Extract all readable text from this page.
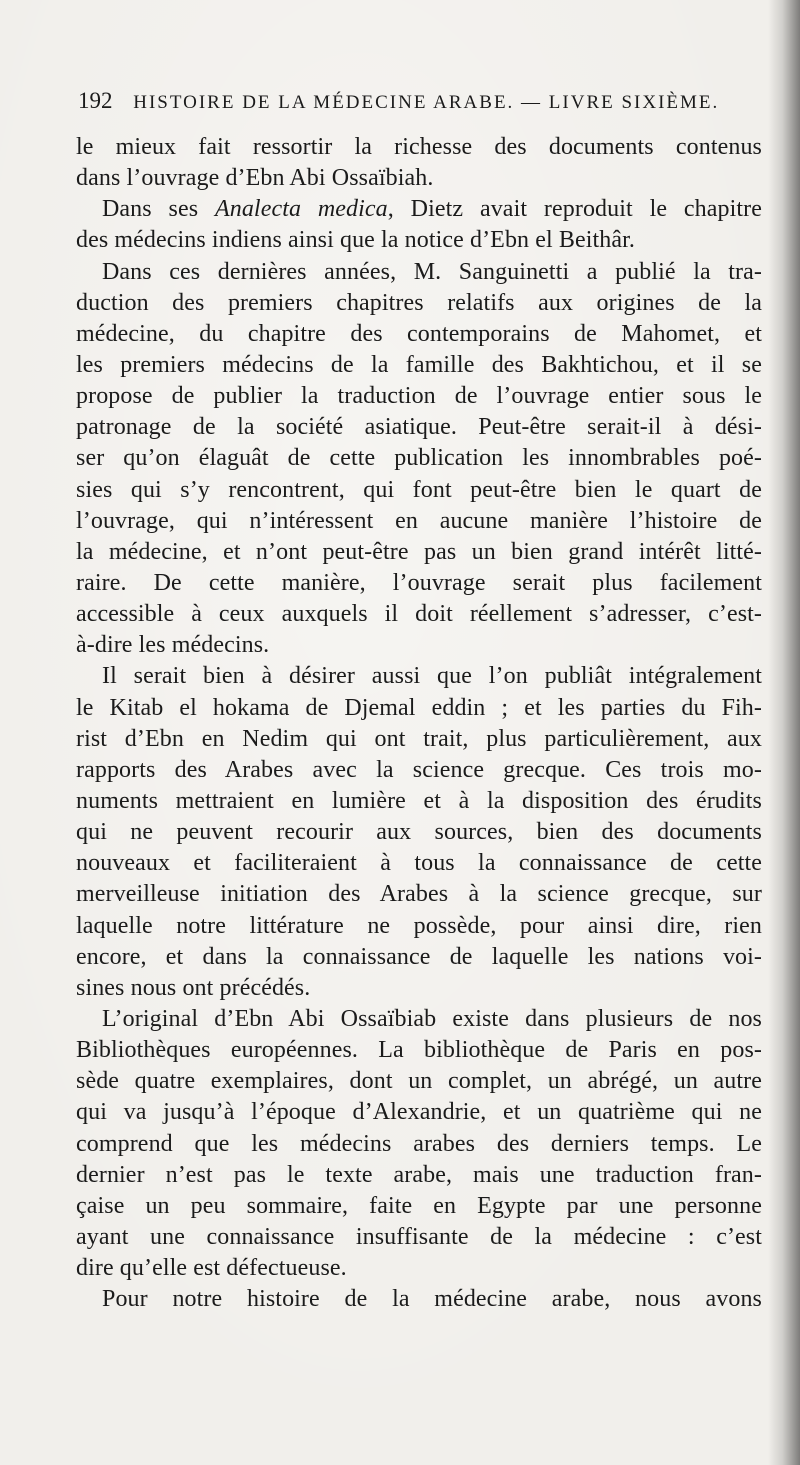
192 HISTOIRE DE LA MÉDECINE ARABE. — LIVRE SIXIÈME.
le mieux fait ressortir la richesse des documents contenus
dans l’ouvrage d’Ebn Abi Ossaïbiah.
Dans ses Analecta medica, Dietz avait reproduit le chapitre
des médecins indiens ainsi que la notice d’Ebn el Beithâr.
Dans ces dernières années, M. Sanguinetti a publié la tra-
duction des premiers chapitres relatifs aux origines de la
médecine, du chapitre des contemporains de Mahomet, et
les premiers médecins de la famille des Bakhtichou, et il se
propose de publier la traduction de l’ouvrage entier sous le
patronage de la société asiatique. Peut-être serait-il à dési-
ser qu’on élaguât de cette publication les innombrables poé-
sies qui s’y rencontrent, qui font peut-être bien le quart de
l’ouvrage, qui n’intéressent en aucune manière l’histoire de
la médecine, et n’ont peut-être pas un bien grand intérêt litté-
raire. De cette manière, l’ouvrage serait plus facilement
accessible à ceux auxquels il doit réellement s’adresser, c’est-
à-dire les médecins.
Il serait bien à désirer aussi que l’on publiât intégralement
le Kitab el hokama de Djemal eddin ; et les parties du Fih-
rist d’Ebn en Nedim qui ont trait, plus particulièrement, aux
rapports des Arabes avec la science grecque. Ces trois mo-
numents mettraient en lumière et à la disposition des érudits
qui ne peuvent recourir aux sources, bien des documents
nouveaux et faciliteraient à tous la connaissance de cette
merveilleuse initiation des Arabes à la science grecque, sur
laquelle notre littérature ne possède, pour ainsi dire, rien
encore, et dans la connaissance de laquelle les nations voi-
sines nous ont précédés.
L’original d’Ebn Abi Ossaïbiab existe dans plusieurs de nos
Bibliothèques européennes. La bibliothèque de Paris en pos-
sède quatre exemplaires, dont un complet, un abrégé, un autre
qui va jusqu’à l’époque d’Alexandrie, et un quatrième qui ne
comprend que les médecins arabes des derniers temps. Le
dernier n’est pas le texte arabe, mais une traduction fran-
çaise un peu sommaire, faite en Egypte par une personne
ayant une connaissance insuffisante de la médecine : c’est
dire qu’elle est défectueuse.
Pour notre histoire de la médecine arabe, nous avons
